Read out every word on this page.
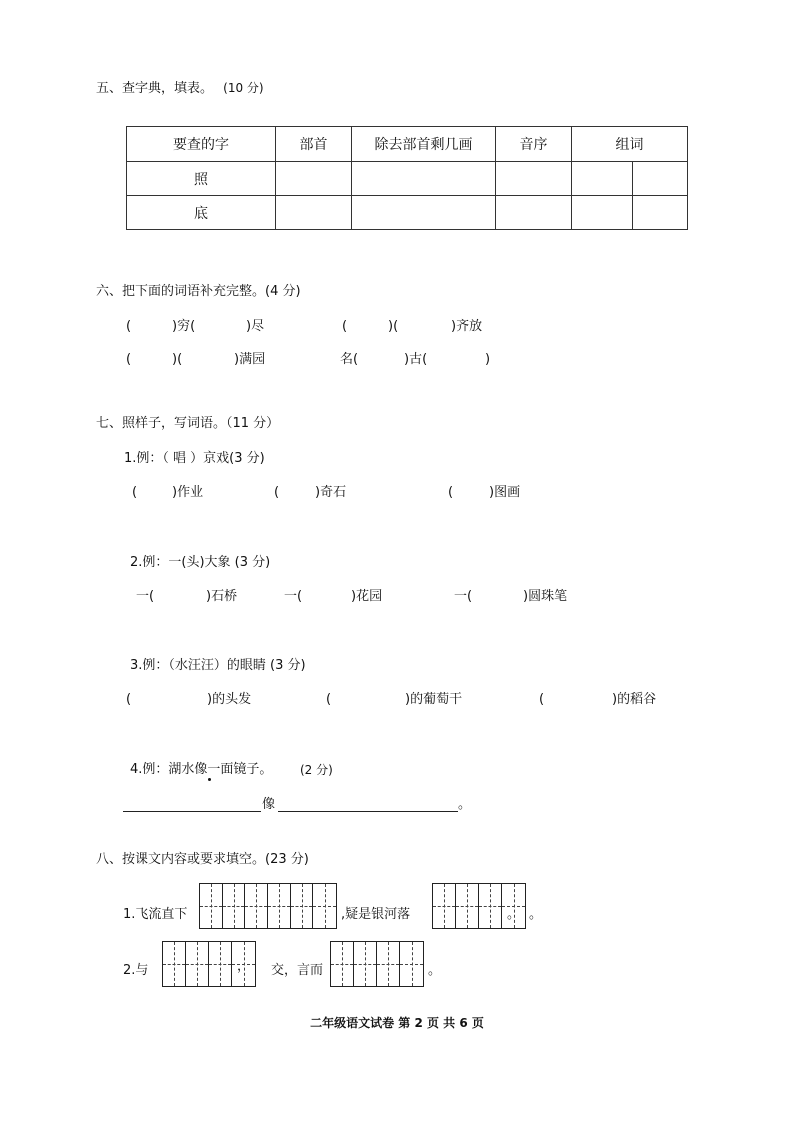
五、查字典，填表。 (10 分)
要查的字	部首	除去部首剩几画	音序	组词	
照					
底					
六、把下面的词语补充完整。(4 分)
(	)穷(	)尽	(	)(	)齐放
(	)(	)满园	名(	)古(	)
七、照样子，写词语。（11 分）
1.例：（ 唱 ）京戏(3 分)
(	)作业	(	)奇石	(	)图画
2.例：一(头)大象 (3 分)
一(	)石桥	一(	)花园	一(	)圆珠笔
3.例：（水汪汪）的眼睛 (3 分)
(	)的头发	(	)的葡萄干	(	)的稻谷
4.例：湖水像一面镜子。 (2 分)
像	。
八、按课文内容或要求填空。(23 分)
1.飞流直下	,疑是银河落	。 。
2.与	， 交，言而	。
二年级语文试卷 第 2 页 共 6 页
